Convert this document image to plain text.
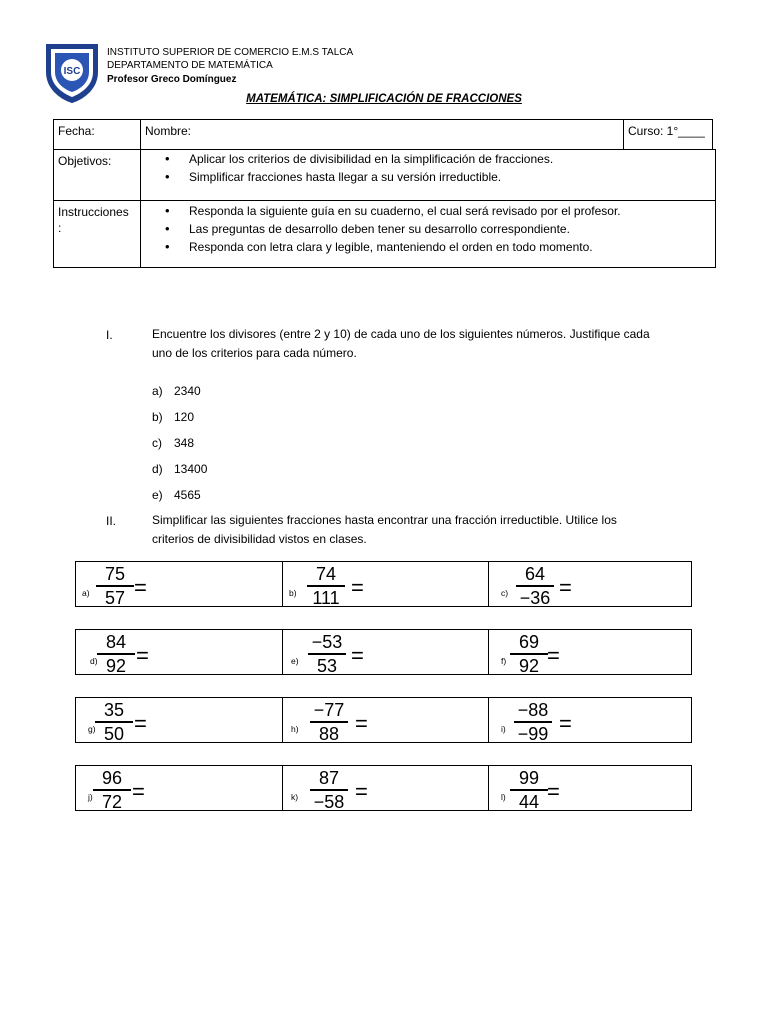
ISC
INSTITUTO SUPERIOR DE COMERCIO E.M.S TALCA
DEPARTAMENTO DE MATEMÁTICA
Profesor Greco Domínguez
MATEMÁTICA: SIMPLIFICACIÓN DE FRACCIONES
Fecha:	Nombre:	Curso: 1°____
Objetivos:
•	Aplicar los criterios de divisibilidad en la simplificación de fracciones.
• Simplificar fracciones hasta llegar a su versión irreductible.
Instrucciones
:
• Responda la siguiente guía en su cuaderno, el cual será revisado por el profesor.
• Las preguntas de desarrollo deben tener su desarrollo correspondiente.
• Responda con letra clara y legible, manteniendo el orden en todo momento.
I.	Encuentre los divisores (entre 2 y 10) de cada uno de los siguientes números. Justifique cada uno de los criterios para cada número.
a) 2340
b) 120
c) 348
d) 13400
e) 4565
II.	Simplificar las siguientes fracciones hasta encontrar una fracción irreductible. Utilice los criterios de divisibilidad vistos en clases.
a)
75
57 =	b)
74
111 =	c)
64
−36 =
d)
84
92 =	e)
−53
53 =	f)
69
92 =
g)
35
50 =	h)
−77
88 =	i)
−88
−99 =
j)
96
72 =	k)
87
−58 =	l)
99
44 =
